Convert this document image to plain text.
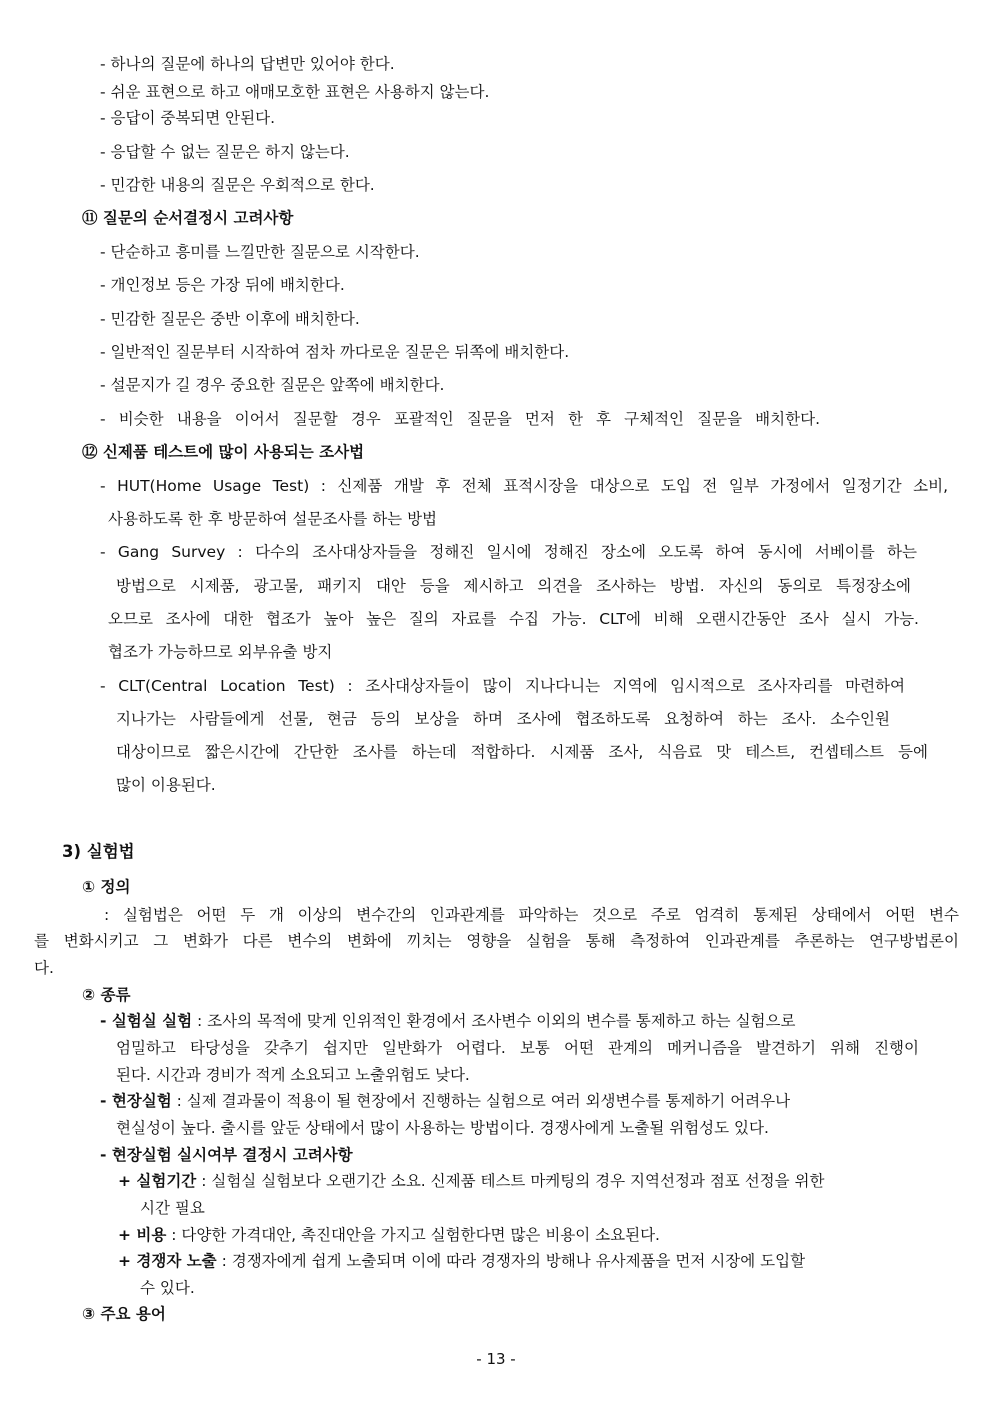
- 하나의 질문에 하나의 답변만 있어야 한다.
- 쉬운 표현으로 하고 애매모호한 표현은 사용하지 않는다.
- 응답이 중복되면 안된다.
- 응답할 수 없는 질문은 하지 않는다.
- 민감한 내용의 질문은 우회적으로 한다.
⑪ 질문의 순서결정시 고려사항
- 단순하고 흥미를 느낄만한 질문으로 시작한다.
- 개인정보 등은 가장 뒤에 배치한다.
- 민감한 질문은 중반 이후에 배치한다.
- 일반적인 질문부터 시작하여 점차 까다로운 질문은 뒤쪽에 배치한다.
- 설문지가 길 경우 중요한 질문은 앞쪽에 배치한다.
- 비슷한 내용을 이어서 질문할 경우 포괄적인 질문을 먼저 한 후 구체적인 질문을 배치한다.
⑫ 신제품 테스트에 많이 사용되는 조사법
- HUT(Home Usage Test) : 신제품 개발 후 전체 표적시장을 대상으로 도입 전 일부 가정에서 일정기간 소비,
사용하도록 한 후 방문하여 설문조사를 하는 방법
- Gang Survey : 다수의 조사대상자들을 정해진 일시에 정해진 장소에 오도록 하여 동시에 서베이를 하는
방법으로 시제품, 광고물, 패키지 대안 등을 제시하고 의견을 조사하는 방법. 자신의 동의로 특정장소에
오므로 조사에 대한 협조가 높아 높은 질의 자료를 수집 가능. CLT에 비해 오랜시간동안 조사 실시 가능.
협조가 가능하므로 외부유출 방지
- CLT(Central Location Test) : 조사대상자들이 많이 지나다니는 지역에 임시적으로 조사자리를 마련하여
지나가는 사람들에게 선물, 현금 등의 보상을 하며 조사에 협조하도록 요청하여 하는 조사. 소수인원
대상이므로 짧은시간에 간단한 조사를 하는데 적합하다. 시제품 조사, 식음료 맛 테스트, 컨셉테스트 등에
많이 이용된다.
3) 실험법
① 정의
: 실험법은 어떤 두 개 이상의 변수간의 인과관계를 파악하는 것으로 주로 엄격히 통제된 상태에서 어떤 변수
를 변화시키고 그 변화가 다른 변수의 변화에 끼치는 영향을 실험을 통해 측정하여 인과관계를 추론하는 연구방법론이
다.
② 종류
- 실험실 실험 : 조사의 목적에 맞게 인위적인 환경에서 조사변수 이외의 변수를 통제하고 하는 실험으로
엄밀하고 타당성을 갖추기 쉽지만 일반화가 어렵다. 보통 어떤 관계의 메커니즘을 발견하기 위해 진행이
된다. 시간과 경비가 적게 소요되고 노출위험도 낮다.
- 현장실험 : 실제 결과물이 적용이 될 현장에서 진행하는 실험으로 여러 외생변수를 통제하기 어려우나
현실성이 높다. 출시를 앞둔 상태에서 많이 사용하는 방법이다. 경쟁사에게 노출될 위험성도 있다.
- 현장실험 실시여부 결정시 고려사항
+ 실험기간 : 실험실 실험보다 오랜기간 소요. 신제품 테스트 마케팅의 경우 지역선정과 점포 선정을 위한
시간 필요
+ 비용 : 다양한 가격대안, 촉진대안을 가지고 실험한다면 많은 비용이 소요된다.
+ 경쟁자 노출 : 경쟁자에게 쉽게 노출되며 이에 따라 경쟁자의 방해나 유사제품을 먼저 시장에 도입할
수 있다.
③ 주요 용어
- 13 -
